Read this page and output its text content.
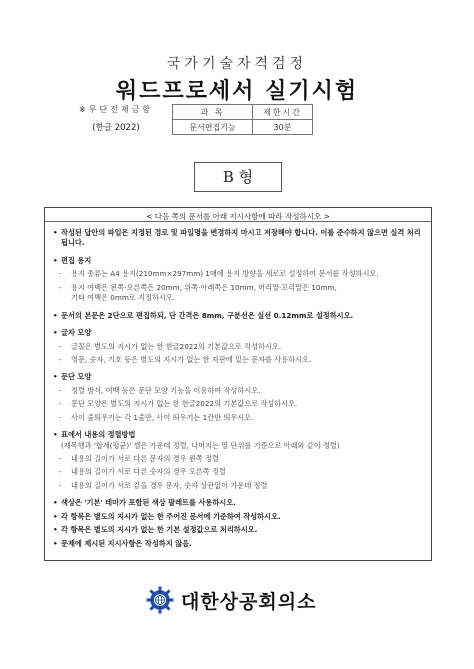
국가기술자격검정
워드프로세서 실기시험
※무단전재금함
(한글 2022)
과 목	제한시간
문서편집기능	30분
B 형
< 다음 쪽의 문서를 아래 지시사항에 따라 작성하시오 >
• 작성된 답안의 파일은 지정된 경로 및 파일명을 변경하지 마시고 저장해야 합니다. 이를 준수하지 않으면 실격 처리됩니다.
• 편집 용지
- 용지 종류는 A4 용지(210mm×297mm) 1매에 용지 방향을 세로로 설정하여 문서를 작성하시오.
- 용지 여백은 왼쪽·오른쪽은 20mm, 위쪽·아래쪽은 10mm, 머리말·꼬리말은 10mm,
기타 여백은 0mm로 지정하시오.
• 문서의 본문은 2단으로 편집하되, 단 간격은 8mm, 구분선은 실선 0.12mm로 설정하시오.
• 글자 모양
- 글꼴은 별도의 지시가 없는 한 한글2022의 기본값으로 작성하시오.
- 영문, 숫자, 기호 등은 별도의 지시가 없는 한 자판에 있는 문자를 사용하시오.
• 문단 모양
- 정렬 방식, 여백 등은 문단 모양 기능을 이용하여 작성하시오.
- 문단 모양은 별도의 지시가 없는 한 한글2022의 기본값으로 작성하시오.
- 사이 줄띄우기는 각 1줄만, 사이 띄우기는 1칸만 띄우시오.
• 표에서 내용의 정렬방법
(제목행과 '합계(평균)' 셀은 가운데 정렬, 나머지는 열 단위를 기준으로 아래와 같이 정렬)
- 내용의 길이가 서로 다른 문자의 경우 왼쪽 정렬
- 내용의 길이가 서로 다른 숫자의 경우 오른쪽 정렬
- 내용의 길이가 서로 같을 경우 문자, 숫자 상관없이 가운데 정렬
• 색상은 '기본' 테마가 포함된 색상 팔레트를 사용하시오.
• 각 항목은 별도의 지시가 없는 한 주어진 문서에 기준하여 작성하시오.
• 각 항목은 별도의 지시가 없는 한 기본 설정값으로 처리하시오.
• 문제에 제시된 지시사항은 작성하지 않음.
대한상공회의소
